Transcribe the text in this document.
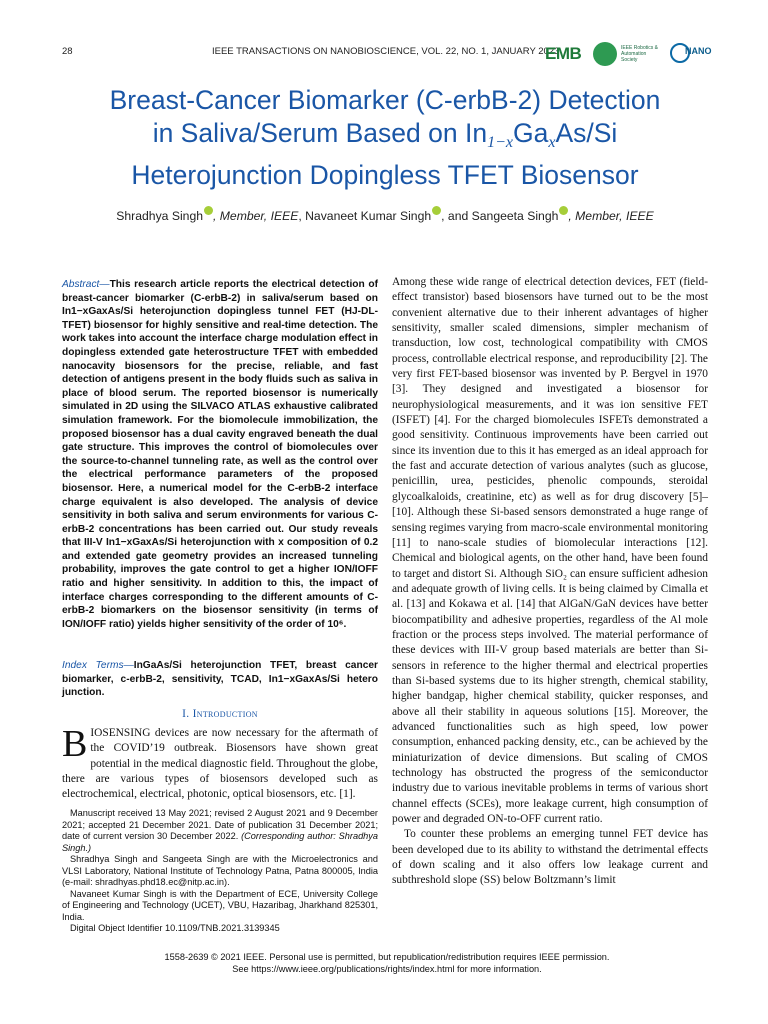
28	IEEE TRANSACTIONS ON NANOBIOSCIENCE, VOL. 22, NO. 1, JANUARY 2023
EMB	IEEE Robotics & Automation Society
NANO
Breast-Cancer Biomarker (C-erbB-2) Detection
in Saliva/Serum Based on $In_{1-x}Ga_xAs/Si$
Heterojunction Dopingless TFET Biosensor
Shradhya Singh , Member, IEEE, Navaneet Kumar Singh , and Sangeeta Singh , Member, IEEE
Abstract—This research article reports the electrical detection of breast-cancer biomarker (C-erbB-2) in saliva/serum based on In1−xGaxAs/Si heterojunction dopingless tunnel FET (HJ-DL-TFET) biosensor for highly sensitive and real-time detection. The work takes into account the interface charge modulation effect in dopingless extended gate heterostructure TFET with embedded nanocavity biosensors for the precise, reliable, and fast detection of antigens present in the body fluids such as saliva in place of blood serum. The reported biosensor is numerically simulated in 2D using the SILVACO ATLAS exhaustive calibrated simulation framework. For the biomolecule immobilization, the proposed biosensor has a dual cavity engraved beneath the dual gate structure. This improves the control of biomolecules over the source-to-channel tunneling rate, as well as the control over the electrical performance parameters of the proposed biosensor. Here, a numerical model for the C-erbB-2 interface charge equivalent is also developed. The analysis of device sensitivity in both saliva and serum environments for various C-erbB-2 concentrations has been carried out. Our study reveals that III-V In1−xGaxAs/Si heterojunction with x composition of 0.2 and extended gate geometry provides an increased tunneling probability, improves the gate control to get a higher ION/IOFF ratio and higher sensitivity. In addition to this, the impact of interface charges corresponding to the different amounts of C-erbB-2 biomarkers on the biosensor sensitivity (in terms of ION/IOFF ratio) yields higher sensitivity of the order of 10⁶.
Index Terms—InGaAs/Si heterojunction TFET, breast cancer biomarker, c-erbB-2, sensitivity, TCAD, In1−xGaxAs/Si hetero junction.
I. Introduction
BIOSENSING devices are now necessary for the aftermath of the COVID’19 outbreak. Biosensors have shown great potential in the medical diagnostic field. Throughout the globe, there are various types of biosensors developed such as electrochemical, electrical, photonic, optical biosensors, etc. [1].

Manuscript received 13 May 2021; revised 2 August 2021 and 9 December 2021; accepted 21 December 2021. Date of publication 31 December 2021; date of current version 30 December 2022. (Corresponding author: Shradhya Singh.)

Shradhya Singh and Sangeeta Singh are with the Microelectronics and VLSI Laboratory, National Institute of Technology Patna, Patna 800005, India (e-mail: shradhyas.phd18.ec@nitp.ac.in).

Navaneet Kumar Singh is with the Department of ECE, University College of Engineering and Technology (UCET), VBU, Hazaribag, Jharkhand 825301, India.

Digital Object Identifier 10.1109/TNB.2021.3139345

Among these wide range of electrical detection devices, FET (field-effect transistor) based biosensors have turned out to be the most convenient alternative due to their inherent advantages of higher sensitivity, smaller scaled dimensions, simpler mechanism of transduction, low cost, technological compatibility with CMOS process, controllable electrical response, and reproducibility [2]. The very first FET-based biosensor was invented by P. Bergvel in 1970 [3]. They designed and investigated a biosensor for neurophysiological measurements, and it was ion sensitive FET (ISFET) [4]. For the charged biomolecules ISFETs demonstrated a good sensitivity. Continuous improvements have been carried out since its invention due to this it has emerged as an ideal approach for the fast and accurate detection of various analytes (such as glucose, penicillin, urea, pesticides, phenolic compounds, steroidal glycoalkaloids, creatinine, etc) as well as for drug discovery [5]–[10]. Although these Si-based sensors demonstrated a huge range of sensing regimes varying from macro-scale environmental monitoring [11] to nano-scale studies of biomolecular interactions [12]. Chemical and biological agents, on the other hand, have been found to target and distort Si. Although SiO₂ can ensure sufficient adhesion and adequate growth of living cells. It is being claimed by Cimalla et al. [13] and Kokawa et al. [14] that AlGaN/GaN devices have better biocompatibility and adhesive properties, regardless of the Al mole fraction or the process steps involved. The material performance of these devices with III-V group based materials are better than Si-sensors in reference to the higher thermal and electrical properties than Si-based systems due to its higher strength, chemical stability, higher bandgap, higher chemical stability, quicker responses, and above all their stability in aqueous solutions [15]. Moreover, the advanced functionalities such as high speed, low power consumption, enhanced packing density, etc., can be achieved by the miniaturization of device dimensions. But scaling of CMOS technology has obstructed the progress of the semiconductor industry due to various inevitable problems in terms of various short channel effects (SCEs), more leakage current, high consumption of power and degraded ON-to-OFF current ratio.

To counter these problems an emerging tunnel FET device has been developed due to its ability to withstand the detrimental effects of down scaling and it also offers low leakage current and subthreshold slope (SS) below Boltzmann’s limit

1558-2639 © 2021 IEEE. Personal use is permitted, but republication/redistribution requires IEEE permission.
See https://www.ieee.org/publications/rights/index.html for more information.
